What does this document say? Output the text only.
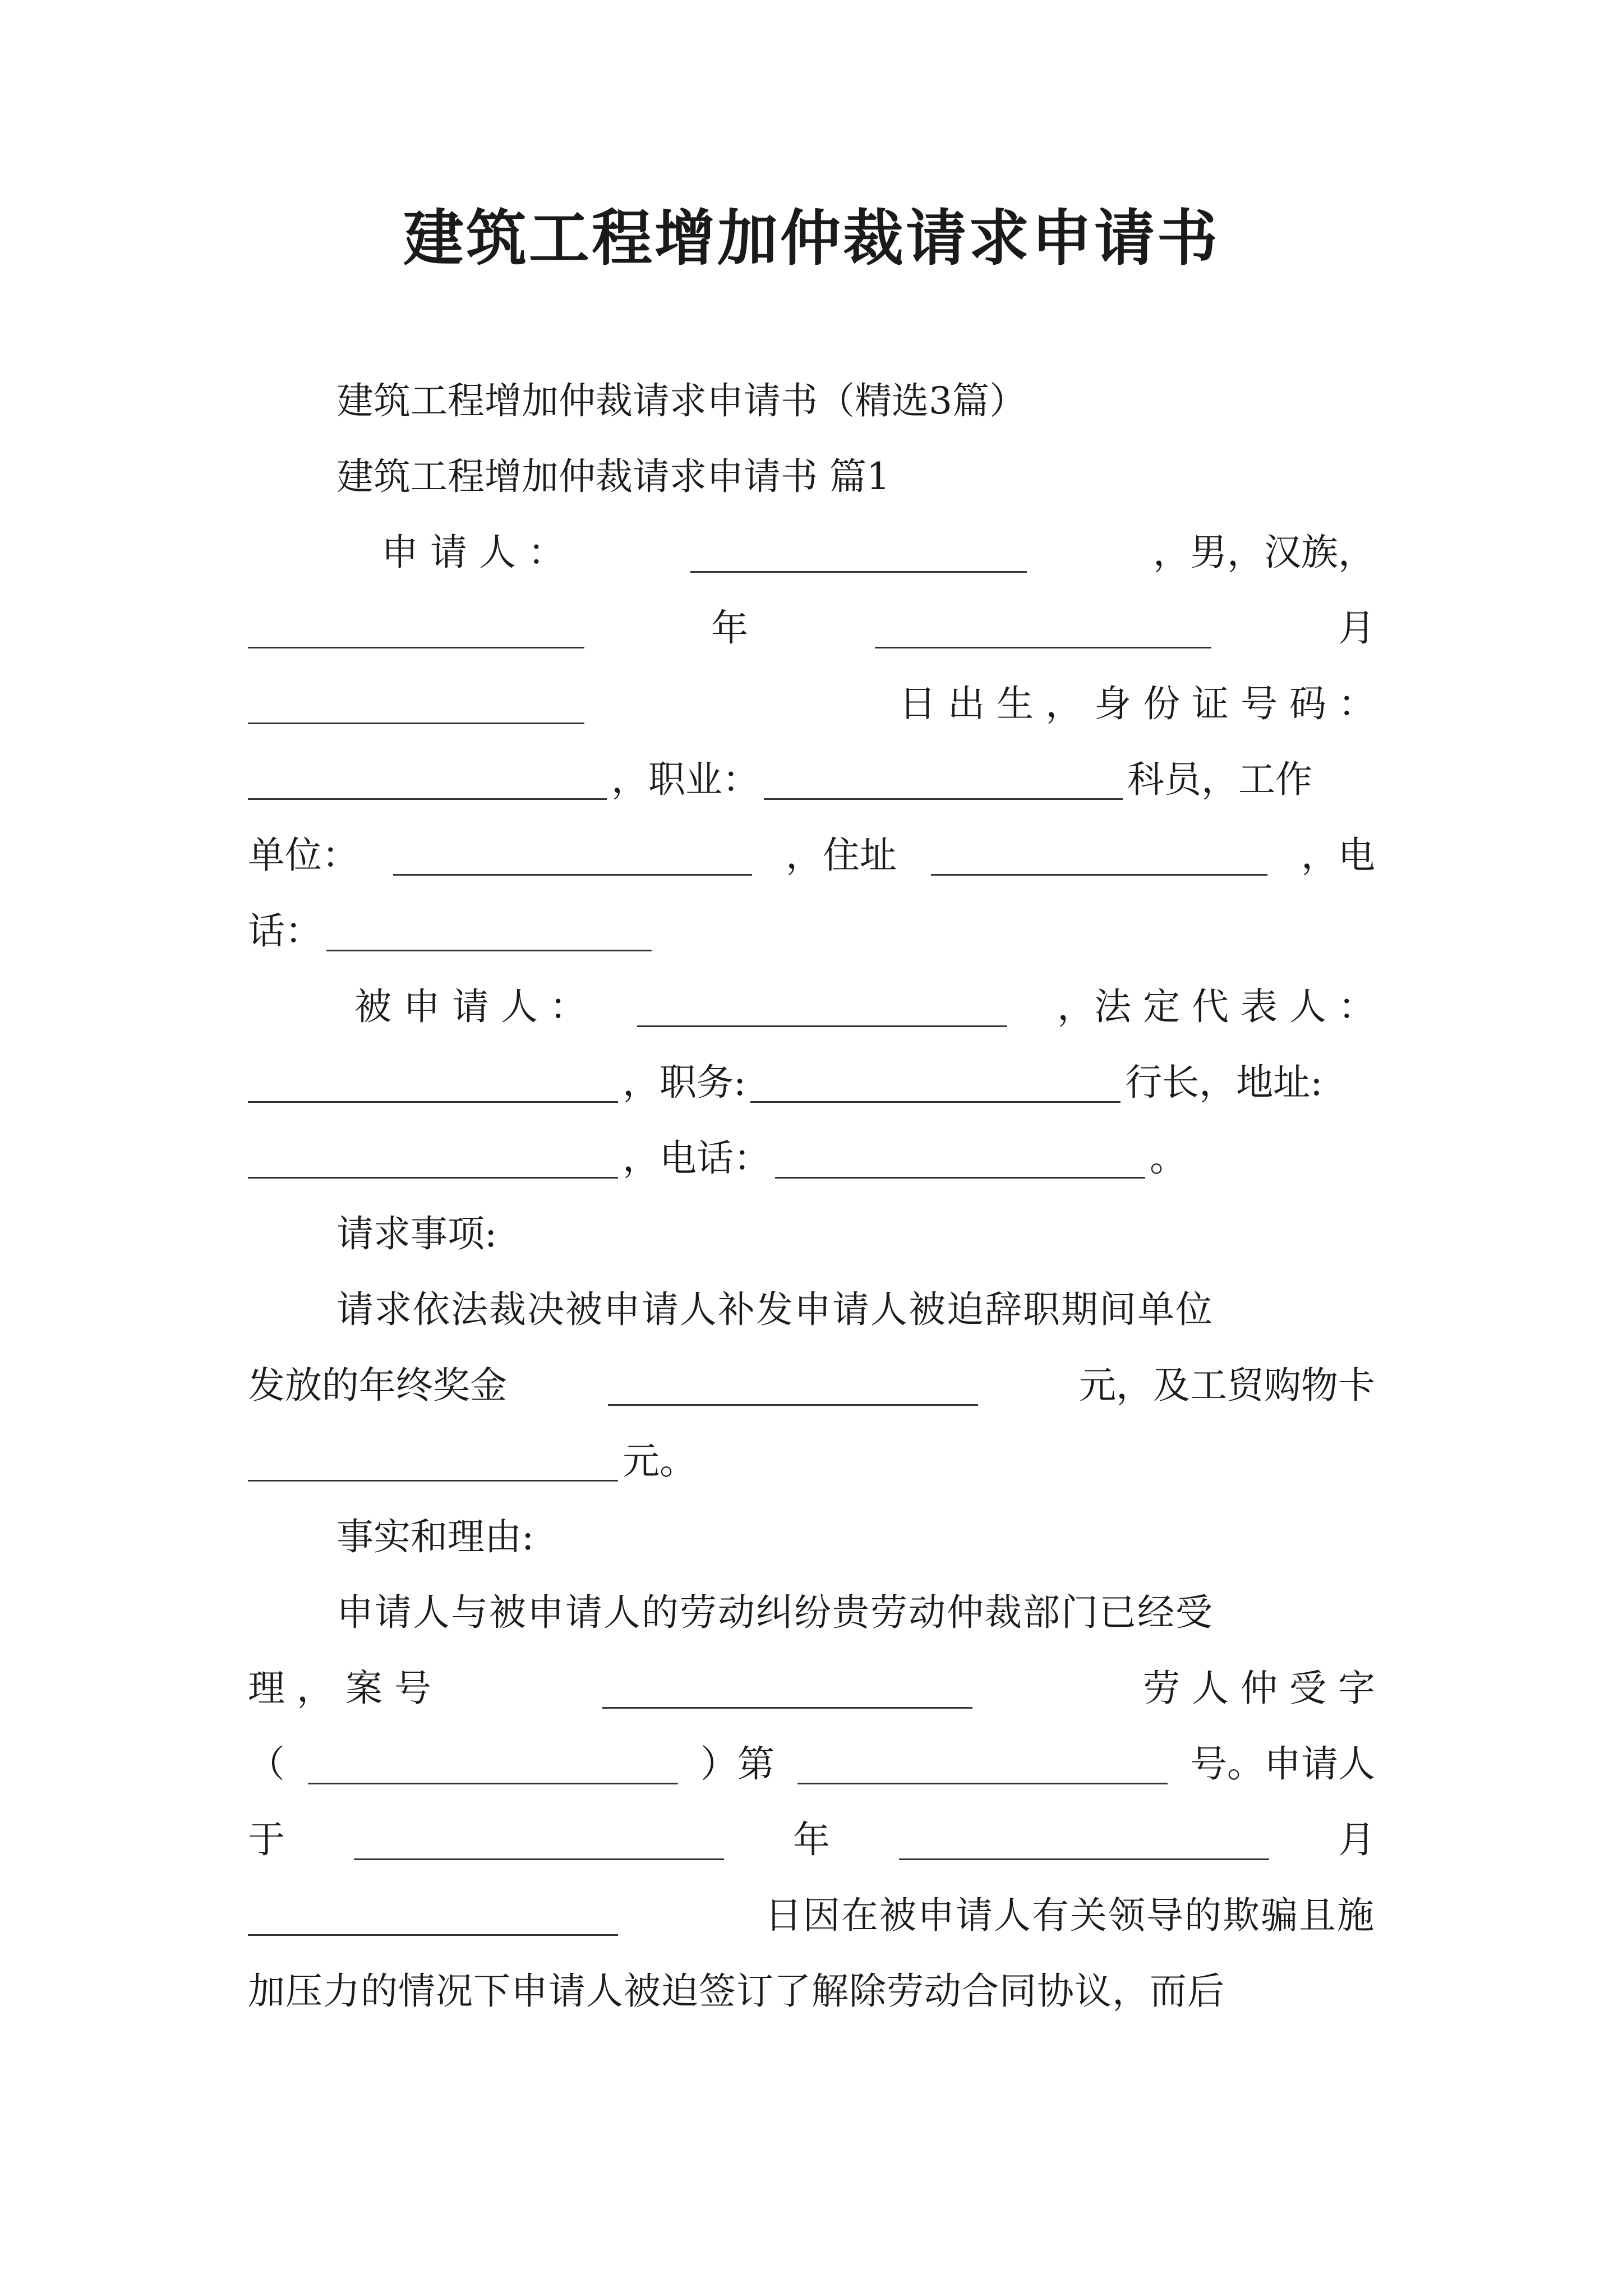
建筑工程增加仲裁请求申请书
建筑工程增加仲裁请求申请书（精选3篇）
建筑工程增加仲裁请求申请书 篇1
申 请 人 ：	，男，汉族，
年	月
日 出 生 ， 身 份 证 号 码 ：
，职业：	科员，工作
单位：	，住址	，电
话：
被 申 请 人 ：	，法 定 代 表 人 ：
，职务:	行长，地址:
，电话：	。
请求事项:
请求依法裁决被申请人补发申请人被迫辞职期间单位
发放的年终奖金	元，及工贸购物卡
元。
事实和理由:
申请人与被申请人的劳动纠纷贵劳动仲裁部门已经受
理 ， 案 号	劳 人 仲 受 字
（	）第	号。申请人
于	年	月
日因在被申请人有关领导的欺骗且施
加压力的情况下申请人被迫签订了解除劳动合同协议，而后
